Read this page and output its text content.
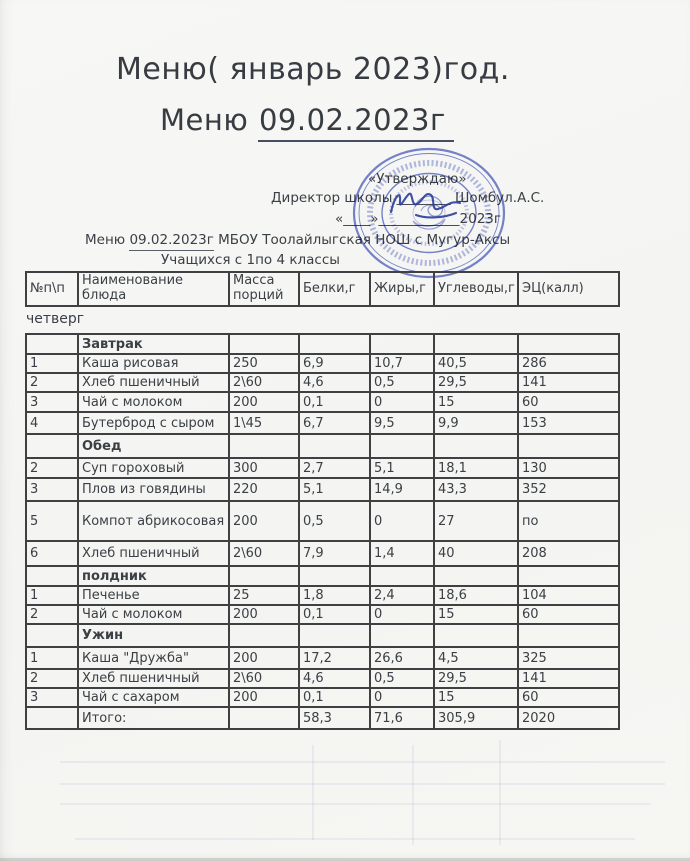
Меню( январь 2023)год.
Меню 09.02.2023г
«Утверждаю»
Директор школы ________ Шомбул.А.С.
«____»____________2023г
Меню 09.02.2023г МБОУ Тоолайлыгская НОШ с Мугур-Аксы
Учащихся с 1по 4 классы
№п\п	Наименование блюда	Масса порций	Белки,г	Жиры,г	Углеводы,г	ЭЦ(калл)
четверг
	Завтрак					
1	Каша рисовая	250	6,9	10,7	40,5	286
2	Хлеб пшеничный	2\60	4,6	0,5	29,5	141
3	Чай с молоком	200	0,1	0	15	60
4	Бутерброд с сыром	1\45	6,7	9,5	9,9	153
	Обед					
2	Суп гороховый	300	2,7	5,1	18,1	130
3	Плов из говядины	220	5,1	14,9	43,3	352
5	Компот абрикосовая	200	0,5	0	27	по
6	Хлеб пшеничный	2\60	7,9	1,4	40	208
	полдник					
1	Печенье	25	1,8	2,4	18,6	104
2	Чай с молоком	200	0,1	0	15	60
	Ужин					
1	Каша "Дружба"	200	17,2	26,6	4,5	325
2	Хлеб пшеничный	2\60	4,6	0,5	29,5	141
3	Чай с сахаром	200	0,1	0	15	60
	Итого:		58,3	71,6	305,9	2020
